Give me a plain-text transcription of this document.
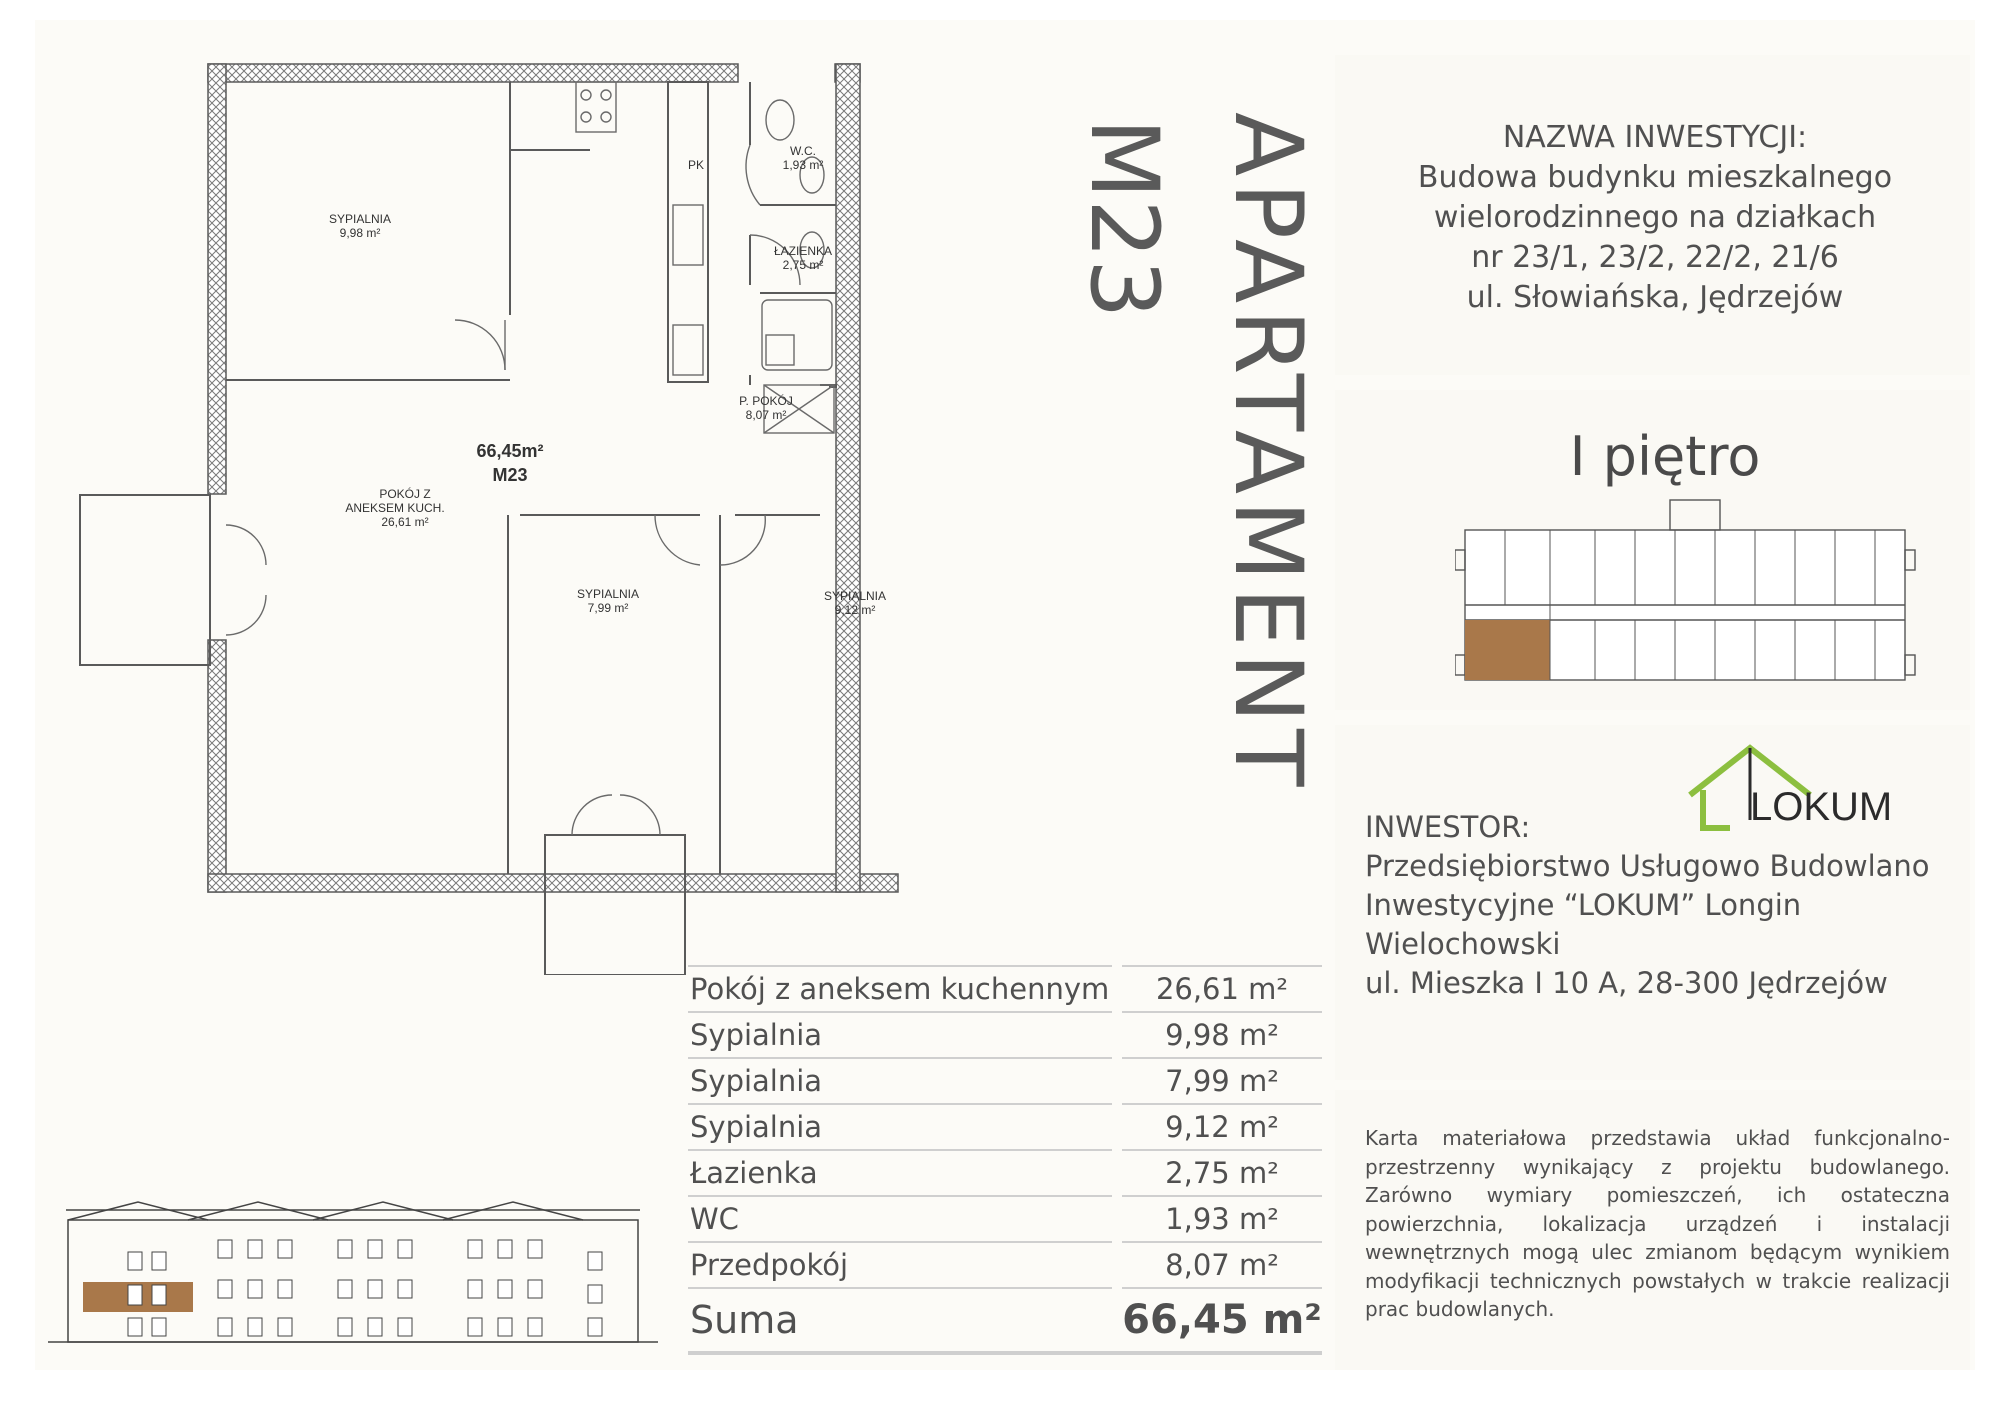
SYPIALNIA
9,98 m²
W.C.
1,93 m²
ŁAZIENKA
2,75 m²
P. POKÓJ
8,07 m²
POKÓJ Z
ANEKSEM KUCH.
26,61 m²
SYPIALNIA
7,99 m²
SYPIALNIA
9,12 m²
PK
66,45m²
M23	APARTAMENT
M23	NAZWA INWESTYCJI:
Budowa budynku mieszkalnego
wielorodzinnego na działkach
nr 23/1, 23/2, 22/2, 21/6
ul. Słowiańska, Jędrzejów
I piętro
LOKUM
INWESTOR:
Przedsiębiorstwo Usługowo Budowlano
Inwestycyjne “LOKUM” Longin
Wielochowski
ul. Mieszka I 10 A, 28-300 Jędrzejów
Karta materiałowa przedstawia układ funkcjonalno-przestrzenny wynikający z projektu budowlanego. Zarówno wymiary pomieszczeń, ich ostateczna powierzchnia, lokalizacja urządzeń i instalacji wewnętrznych mogą ulec zmianom będącym wynikiem modyfikacji technicznych powstałych w trakcie realizacji prac budowlanych.
Pokój z aneksem kuchennym		26,61 m²
Sypialnia		9,98 m²
Sypialnia		7,99 m²
Sypialnia		9,12 m²
Łazienka		2,75 m²
WC		1,93 m²
Przedpokój		8,07 m²
Suma		66,45 m²
